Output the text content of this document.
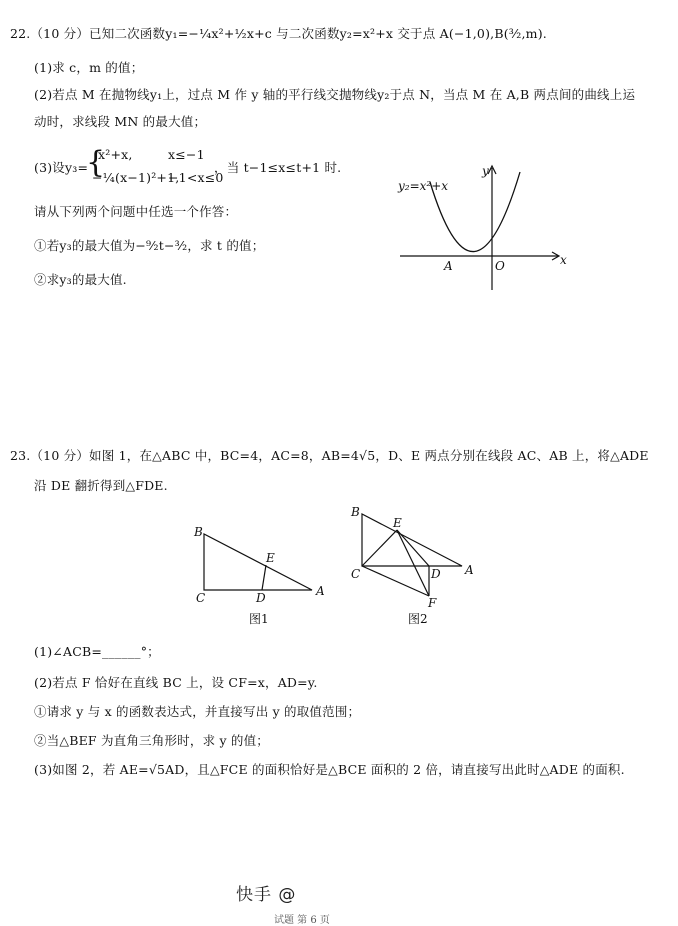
22.（10 分）已知二次函数y₁=−¼x²+½x+c 与二次函数y₂=x²+x 交于点 A(−1,0),B(³⁄₂,m).
(1)求 c，m 的值；
(2)若点 M 在抛物线y₁上，过点 M 作 y 轴的平行线交抛物线y₂于点 N，当点 M 在 A,B 两点间的曲线上运
动时，求线段 MN 的最大值；
(3)设y₃=
{
x²+x,	x≤−1
−¼(x−1)²+1,
−1<x≤0
，当 t−1≤x≤t+1 时.
请从下列两个问题中任选一个作答：
①若y₃的最大值为−⁹⁄₂t−³⁄₂，求 t 的值；
②求y₃的最大值.
y₂=x²+x
y
x
A	O
23.（10 分）如图 1，在△ABC 中，BC=4，AC=8，AB=4√5，D、E 两点分别在线段 AC、AB 上，将△ADE
沿 DE 翻折得到△FDE.
B
C	D
E
A
图1
B
C	D
E
A
F
图2
(1)∠ACB=______°；
(2)若点 F 恰好在直线 BC 上，设 CF=x，AD=y.
①请求 y 与 x 的函数表达式，并直接写出 y 的取值范围；
②当△BEF 为直角三角形时，求 y 的值；
(3)如图 2，若 AE=√5AD，且△FCE 的面积恰好是△BCE 面积的 2 倍，请直接写出此时△ADE 的面积.
快手 @
试题 第 6 页
